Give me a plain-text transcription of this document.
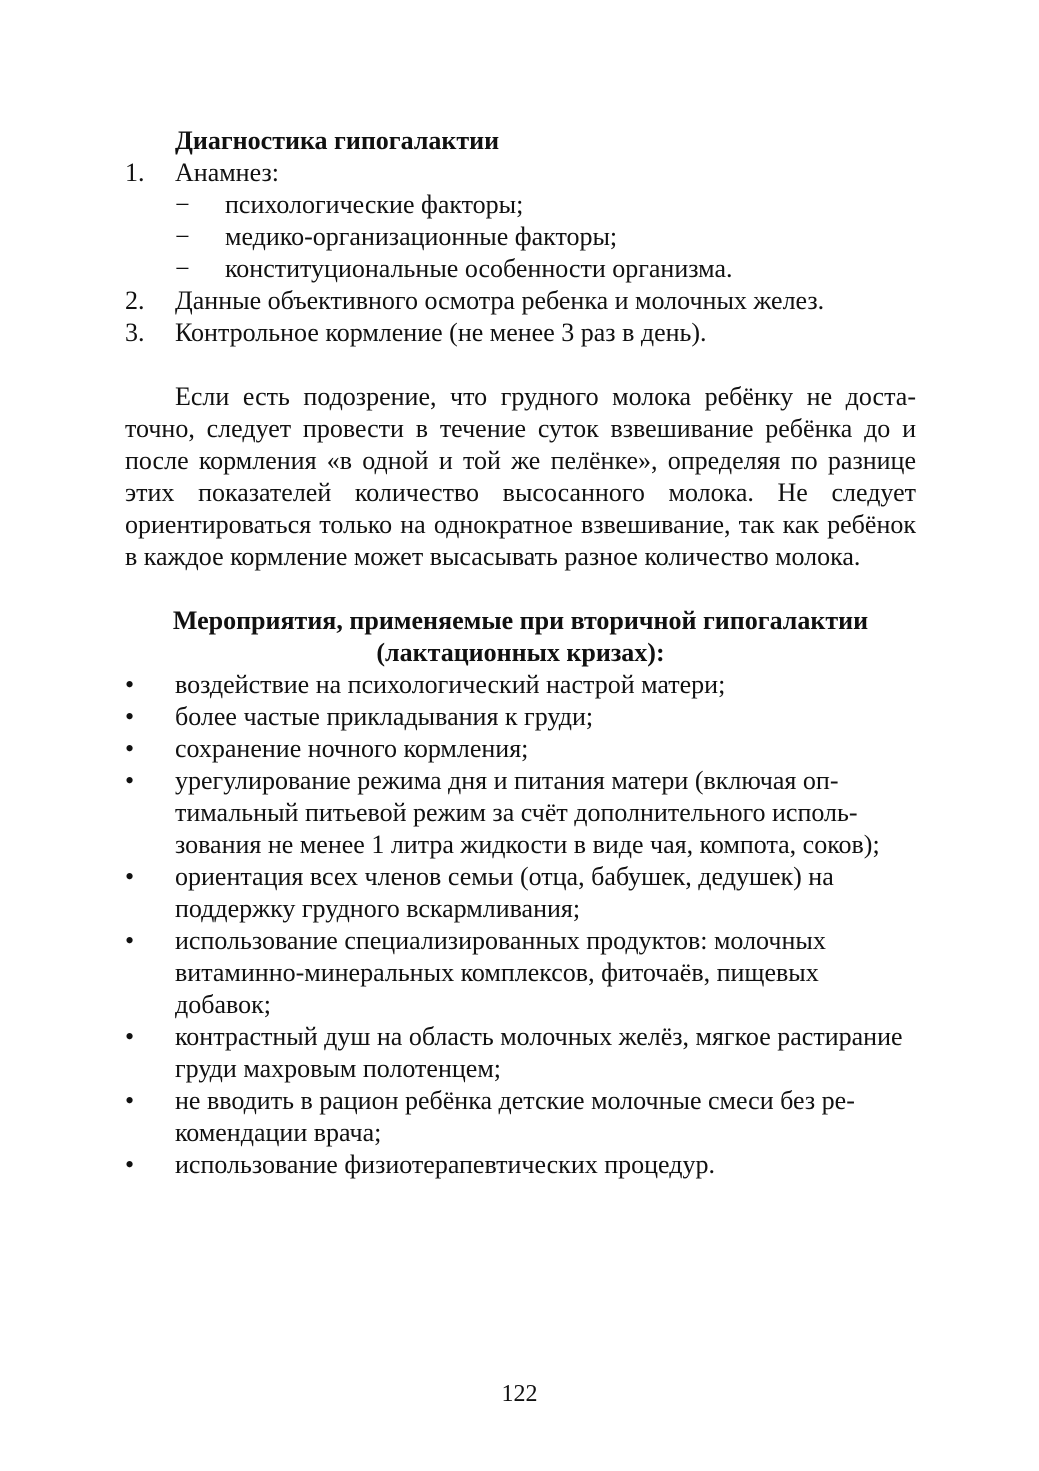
Диагностика гипогалактии
1. Анамнез:
− психологические факторы;
− медико-организационные факторы;
− конституциональные особенности организма.
2. Данные объективного осмотра ребенка и молочных желез.
3. Контрольное кормление (не менее 3 раз в день).

Если есть подозрение, что грудного молока ребёнку не достаточно, следует провести в течение суток взвешивание ребёнка до и после кормления «в одной и той же пелёнке», определяя по разнице этих показателей количество высосанного молока. Не следует ориентироваться только на однократное взвешивание, так как ребёнок в каждое кормление может высасывать разное количество молока.

Мероприятия, применяемые при вторичной гипогалактии
(лактационных кризах):
• воздействие на психологический настрой матери;
• более частые прикладывания к груди;
• сохранение ночного кормления;
• урегулирование режима дня и питания матери (включая оптимальный питьевой режим за счёт дополнительного использования не менее 1 литра жидкости в виде чая, компота, соков);
• ориентация всех членов семьи (отца, бабушек, дедушек) на поддержку грудного вскармливания;
• использование специализированных продуктов: молочных витаминно-минеральных комплексов, фиточаёв, пищевых добавок;
• контрастный душ на область молочных желёз, мягкое растирание груди махровым полотенцем;
• не вводить в рацион ребёнка детские молочные смеси без рекомендации врача;
• использование физиотерапевтических процедур.
122
